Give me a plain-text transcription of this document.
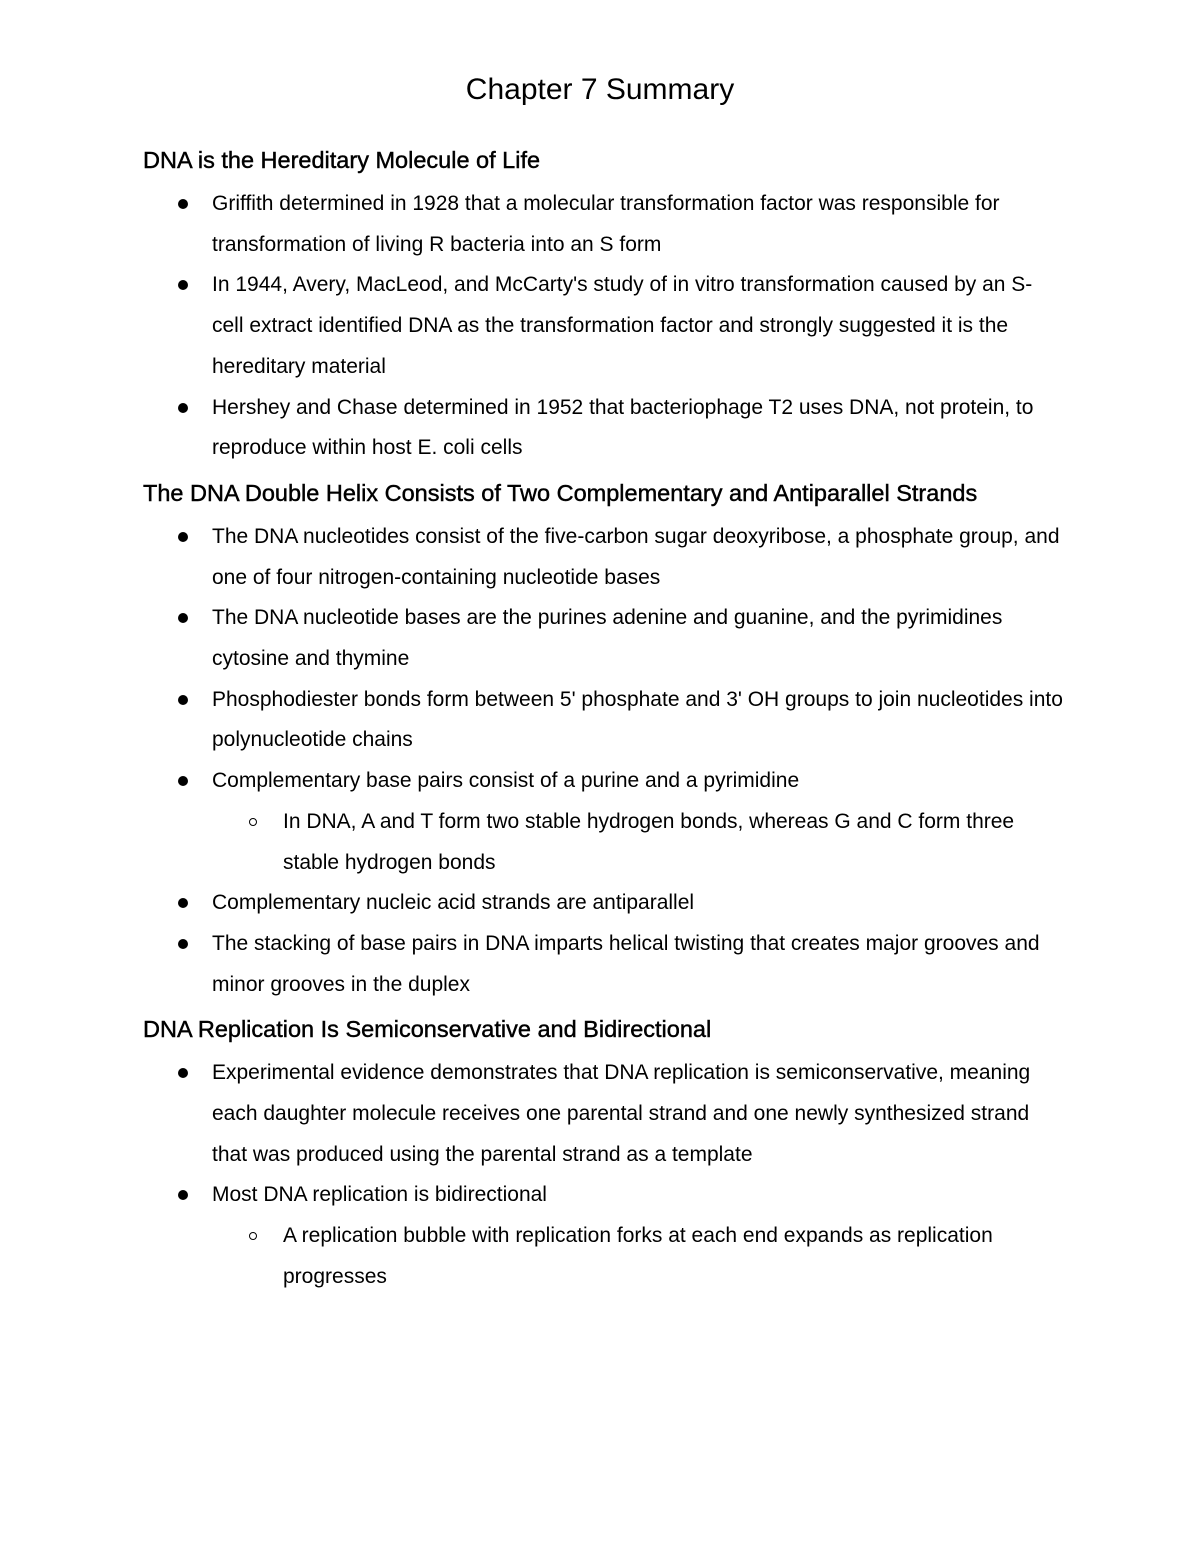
Chapter 7 Summary
DNA is the Hereditary Molecule of Life
Griffith determined in 1928 that a molecular transformation factor was responsible for transformation of living R bacteria into an S form
In 1944, Avery, MacLeod, and McCarty's study of in vitro transformation caused by an S-cell extract identified DNA as the transformation factor and strongly suggested it is the hereditary material
Hershey and Chase determined in 1952 that bacteriophage T2 uses DNA, not protein, to reproduce within host E. coli cells
The DNA Double Helix Consists of Two Complementary and Antiparallel Strands
The DNA nucleotides consist of the five-carbon sugar deoxyribose, a phosphate group, and one of four nitrogen-containing nucleotide bases
The DNA nucleotide bases are the purines adenine and guanine, and the pyrimidines cytosine and thymine
Phosphodiester bonds form between 5' phosphate and 3' OH groups to join nucleotides into polynucleotide chains
Complementary base pairs consist of a purine and a pyrimidine
In DNA, A and T form two stable hydrogen bonds, whereas G and C form three stable hydrogen bonds
Complementary nucleic acid strands are antiparallel
The stacking of base pairs in DNA imparts helical twisting that creates major grooves and minor grooves in the duplex
DNA Replication Is Semiconservative and Bidirectional
Experimental evidence demonstrates that DNA replication is semiconservative, meaning each daughter molecule receives one parental strand and one newly synthesized strand that was produced using the parental strand as a template
Most DNA replication is bidirectional
A replication bubble with replication forks at each end expands as replication progresses
